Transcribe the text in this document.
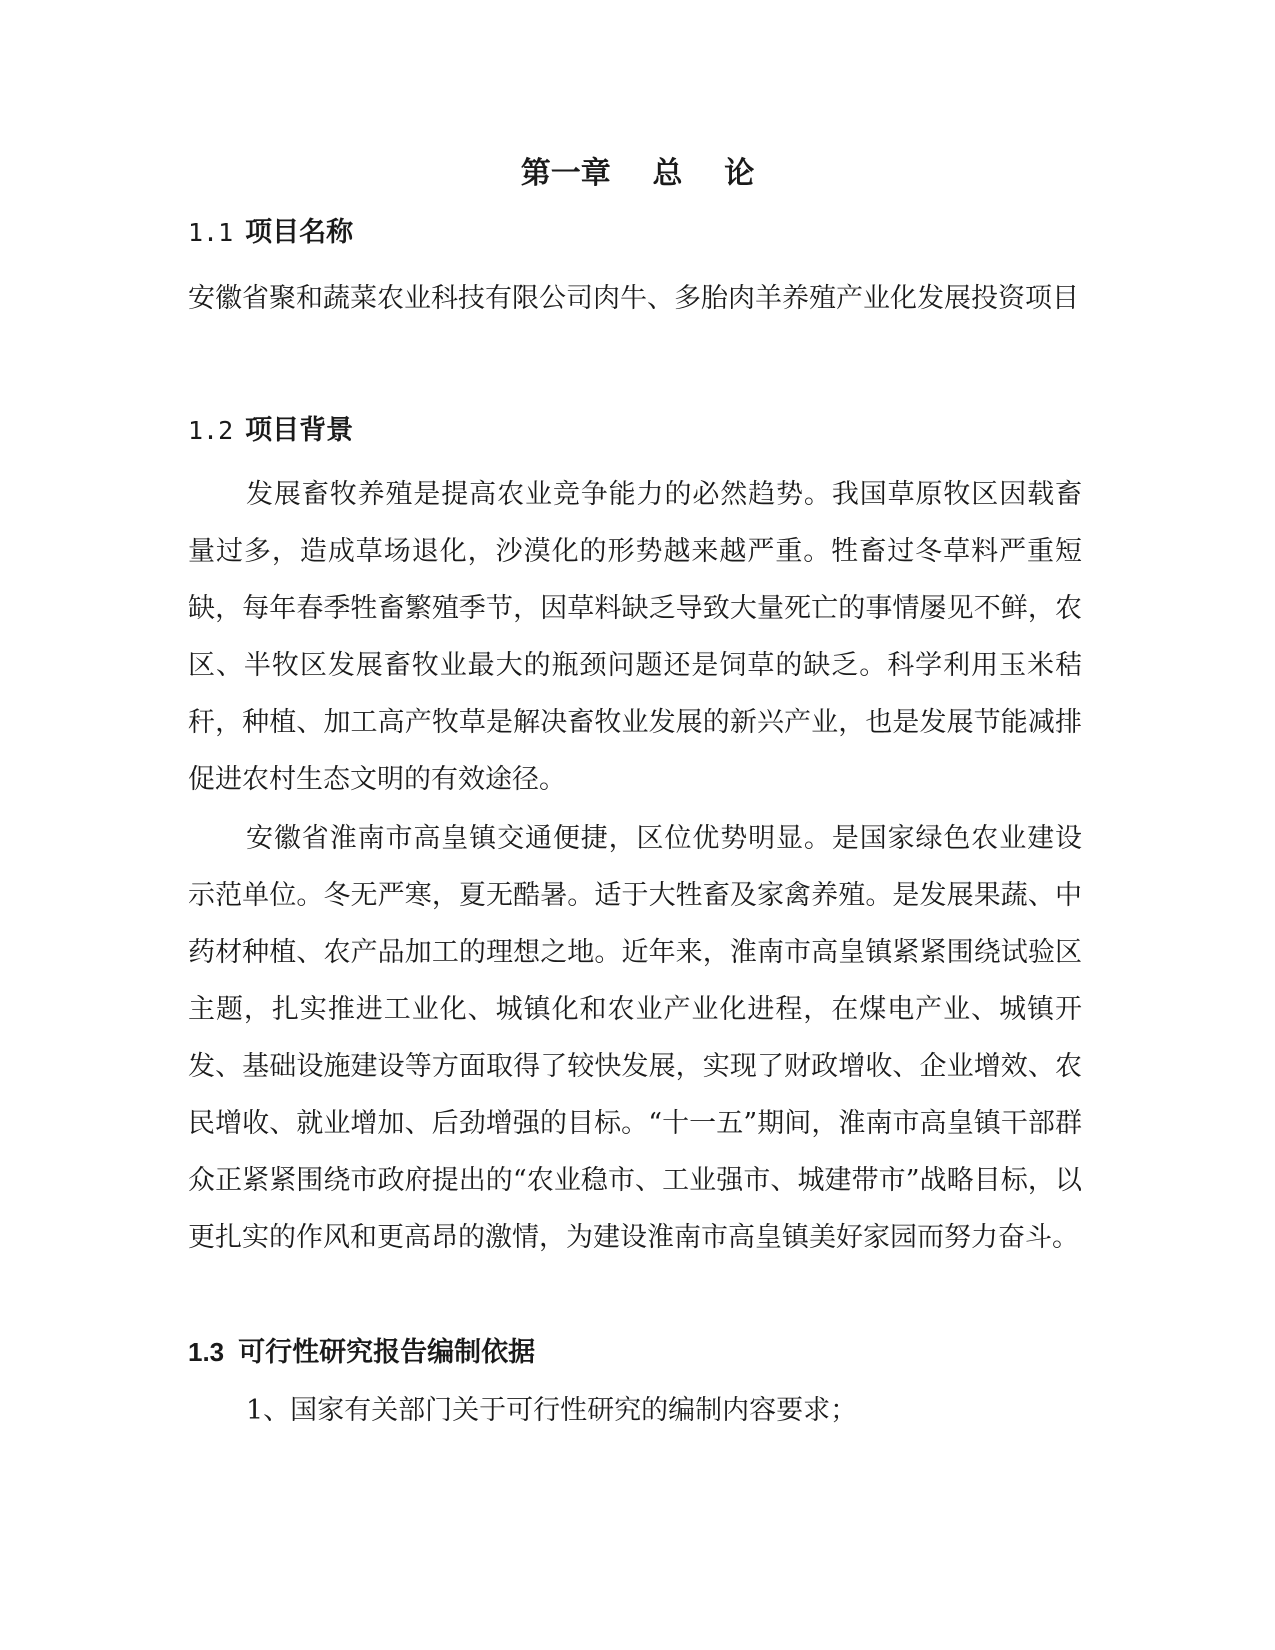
第一章    总    论
1.1 项目名称

安徽省聚和蔬菜农业科技有限公司肉牛、多胎肉羊养殖产业化发展投资项目

1.2 项目背景

发展畜牧养殖是提高农业竞争能力的必然趋势。我国草原牧区因载畜量过多，造成草场退化，沙漠化的形势越来越严重。牲畜过冬草料严重短缺，每年春季牲畜繁殖季节，因草料缺乏导致大量死亡的事情屡见不鲜，农区、半牧区发展畜牧业最大的瓶颈问题还是饲草的缺乏。科学利用玉米秸秆，种植、加工高产牧草是解决畜牧业发展的新兴产业，也是发展节能减排促进农村生态文明的有效途径。

安徽省淮南市高皇镇交通便捷，区位优势明显。是国家绿色农业建设示范单位。冬无严寒，夏无酷暑。适于大牲畜及家禽养殖。是发展果蔬、中药材种植、农产品加工的理想之地。近年来，淮南市高皇镇紧紧围绕试验区主题，扎实推进工业化、城镇化和农业产业化进程，在煤电产业、城镇开发、基础设施建设等方面取得了较快发展，实现了财政增收、企业增效、农民增收、就业增加、后劲增强的目标。“十一五”期间，淮南市高皇镇干部群众正紧紧围绕市政府提出的“农业稳市、工业强市、城建带市”战略目标，以更扎实的作风和更高昂的激情，为建设淮南市高皇镇美好家园而努力奋斗。

1.3 可行性研究报告编制依据

1、国家有关部门关于可行性研究的编制内容要求；
